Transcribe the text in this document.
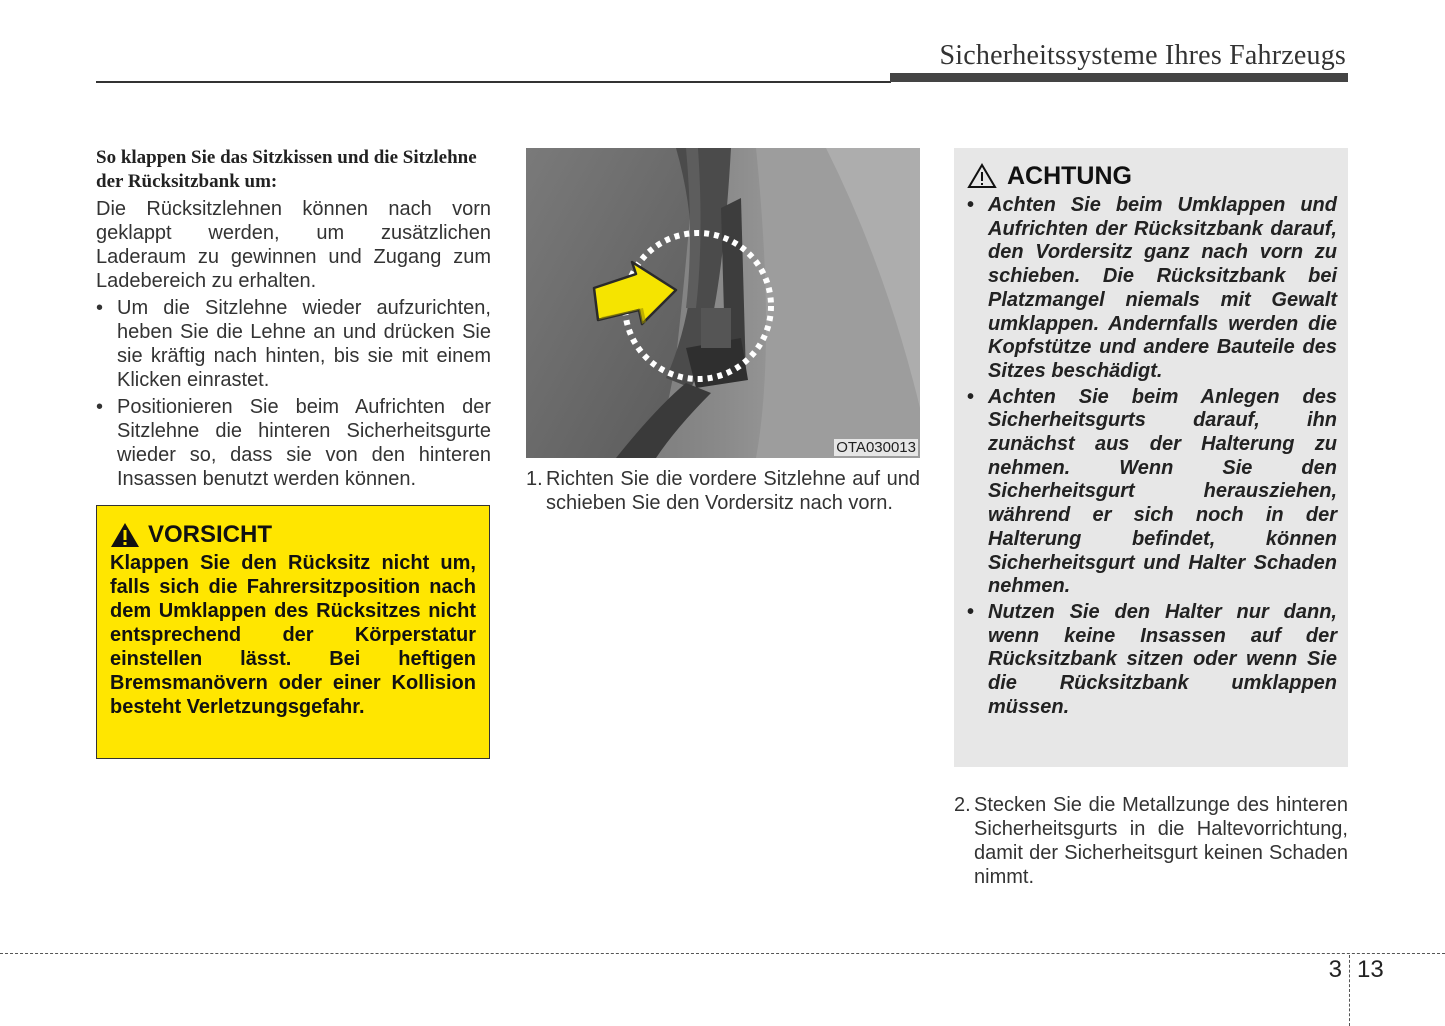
Sicherheitssysteme Ihres Fahrzeugs

So klappen Sie das Sitzkissen und die Sitzlehne der Rücksitzbank um:

Die Rücksitzlehnen können nach vorn geklappt werden, um zusätzlichen Laderaum zu gewinnen und Zugang zum Ladebereich zu erhalten.

• Um die Sitzlehne wieder aufzurichten, heben Sie die Lehne an und drücken Sie sie kräftig nach hinten, bis sie mit einem Klicken einrastet.
• Positionieren Sie beim Aufrichten der Sitzlehne die hinteren Sicherheitsgurte wieder so, dass sie von den hinteren Insassen benutzt werden können.
VORSICHT
Klappen Sie den Rücksitz nicht um, falls sich die Fahrersitzposition nach dem Umklappen des Rücksitzes nicht entsprechend der Körperstatur einstellen lässt. Bei heftigen Bremsmanövern oder einer Kollision besteht Verletzungsgefahr.
OTA030013
1. Richten Sie die vordere Sitzlehne auf und schieben Sie den Vordersitz nach vorn.
ACHTUNG
• Achten Sie beim Umklappen und Aufrichten der Rücksitzbank darauf, den Vordersitz ganz nach vorn zu schieben. Die Rücksitzbank bei Platzmangel niemals mit Gewalt umklappen. Andernfalls werden die Kopfstütze und andere Bauteile des Sitzes beschädigt.
• Achten Sie beim Anlegen des Sicherheitsgurts darauf, ihn zunächst aus der Halterung zu nehmen. Wenn Sie den Sicherheitsgurt herausziehen, während er sich noch in der Halterung befindet, können Sicherheitsgurt und Halter Schaden nehmen.
• Nutzen Sie den Halter nur dann, wenn keine Insassen auf der Rücksitzbank sitzen oder wenn Sie die Rücksitzbank umklappen müssen.
2. Stecken Sie die Metallzunge des hinteren Sicherheitsgurts in die Haltevorrichtung, damit der Sicherheitsgurt keinen Schaden nimmt.
3 13
